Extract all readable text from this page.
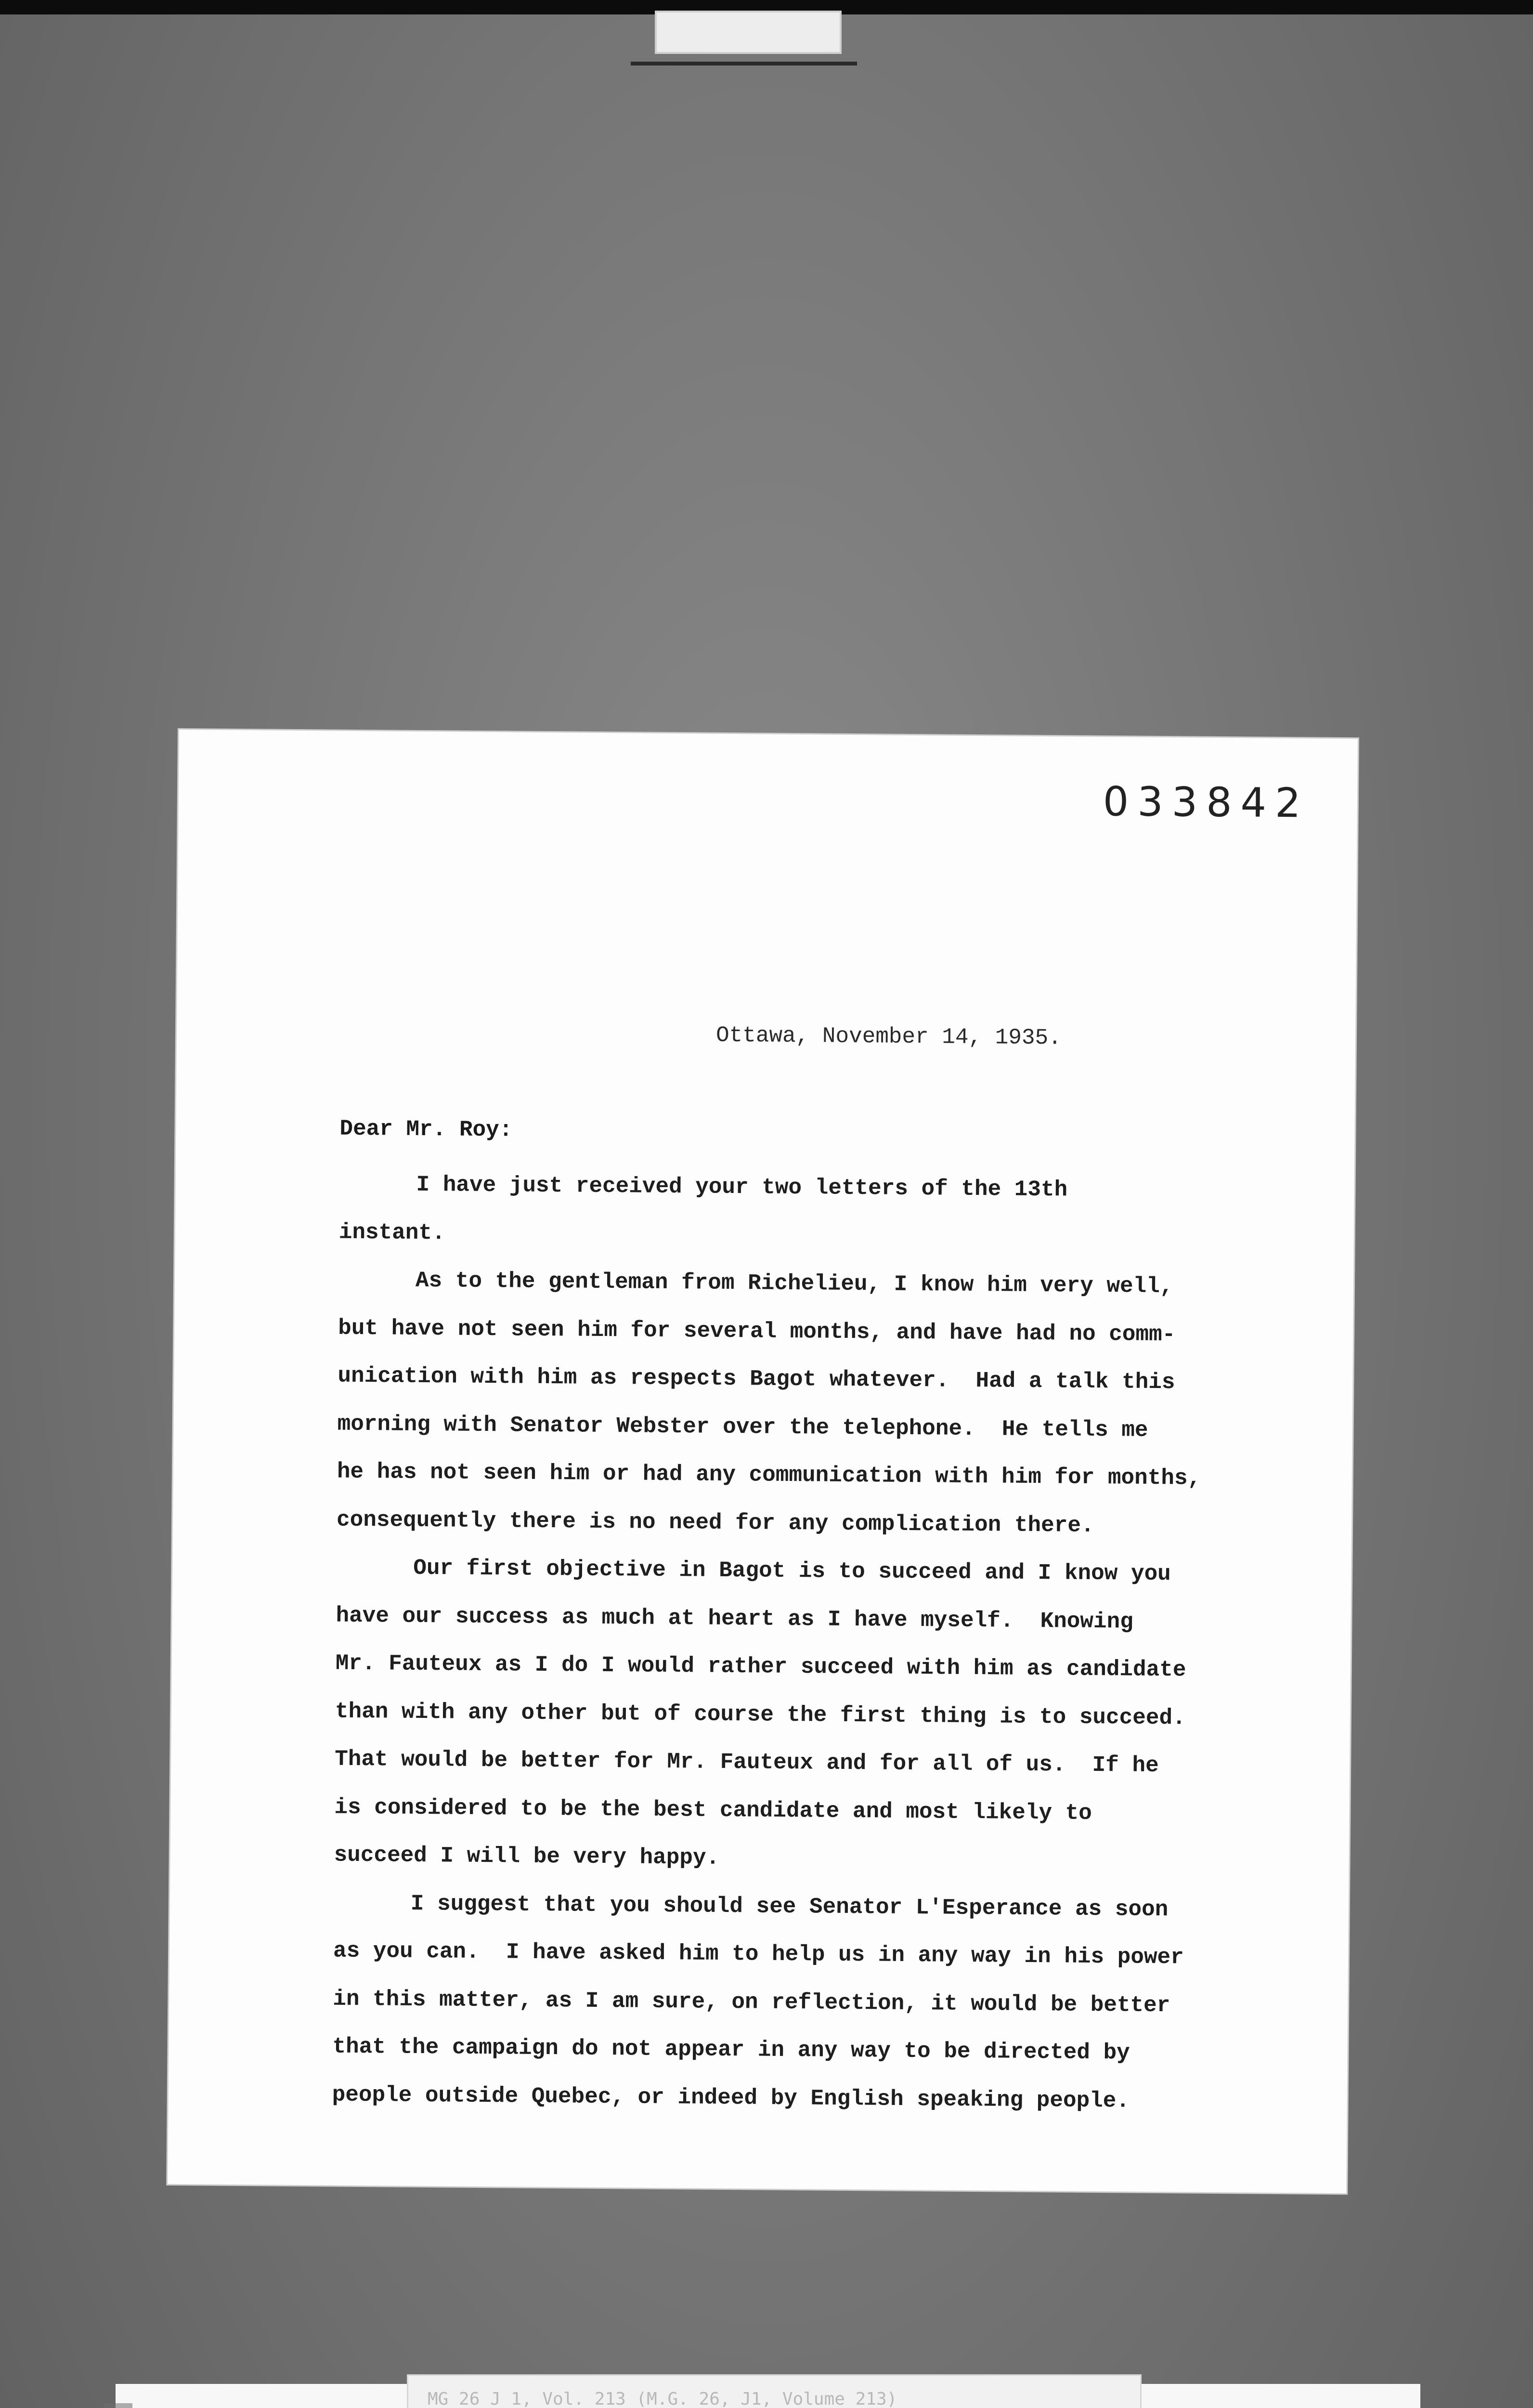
033842
Ottawa, November 14, 1935.
Dear Mr. Roy:

I have just received your two letters of the 13th

instant.

As to the gentleman from Richelieu, I know him very well,

but have not seen him for several months, and have had no comm-

unication with him as respects Bagot whatever.  Had a talk this

morning with Senator Webster over the telephone.  He tells me

he has not seen him or had any communication with him for months,

consequently there is no need for any complication there.

Our first objective in Bagot is to succeed and I know you

have our success as much at heart as I have myself.  Knowing

Mr. Fauteux as I do I would rather succeed with him as candidate

than with any other but of course the first thing is to succeed.

That would be better for Mr. Fauteux and for all of us.  If he

is considered to be the best candidate and most likely to

succeed I will be very happy.

I suggest that you should see Senator L'Esperance as soon

as you can.  I have asked him to help us in any way in his power

in this matter, as I am sure, on reflection, it would be better

that the campaign do not appear in any way to be directed by

people outside Quebec, or indeed by English speaking people.

MG 26 J 1, Vol. 213 (M.G. 26, J1, Volume 213)
